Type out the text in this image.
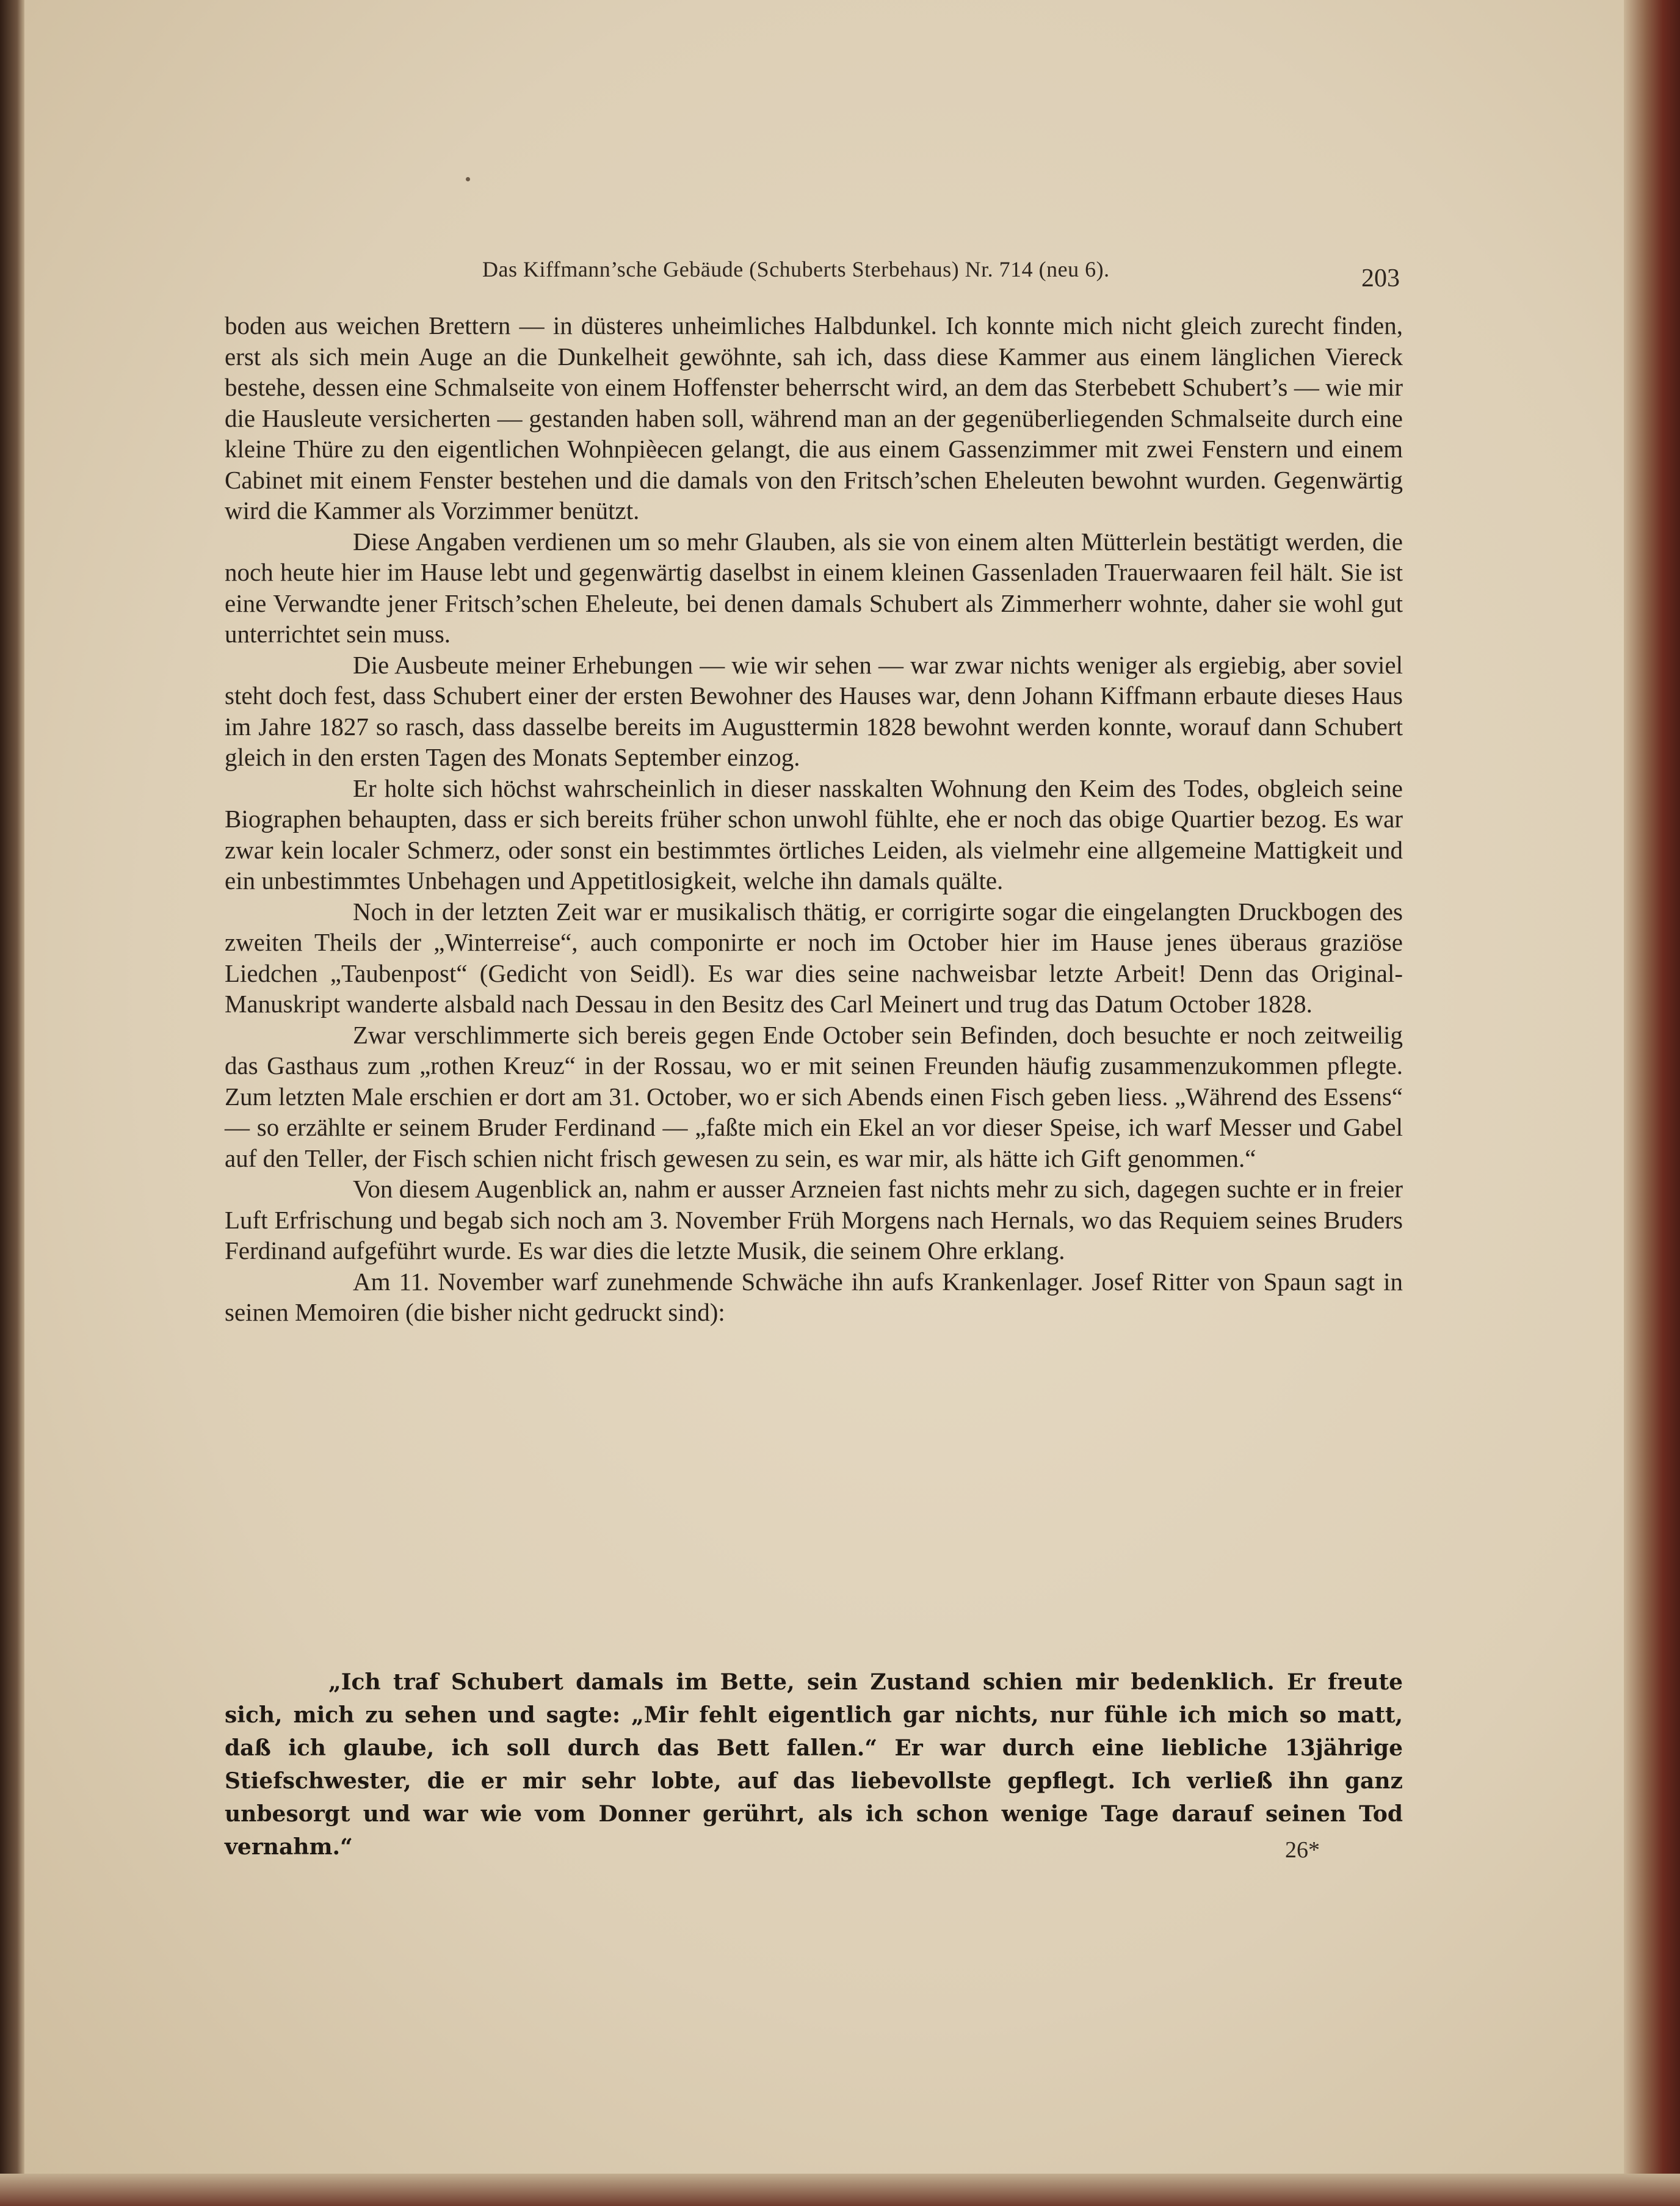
Das Kiffmann’sche Gebäude (Schuberts Sterbehaus) Nr. 714 (neu 6).	203

boden aus weichen Brettern — in düsteres unheimliches Halbdunkel. Ich konnte mich nicht gleich zurecht finden, erst als sich mein Auge an die Dunkelheit gewöhnte, sah ich, dass diese Kammer aus einem länglichen Viereck bestehe, dessen eine Schmalseite von einem Hoffenster beherrscht wird, an dem das Sterbebett Schubert’s — wie mir die Hausleute versicherten — gestanden haben soll, während man an der gegenüberliegenden Schmalseite durch eine kleine Thüre zu den eigentlichen Wohnpièecen gelangt, die aus einem Gassenzimmer mit zwei Fenstern und einem Cabinet mit einem Fenster bestehen und die damals von den Fritsch’schen Eheleuten bewohnt wurden. Gegenwärtig wird die Kammer als Vorzimmer benützt.

Diese Angaben verdienen um so mehr Glauben, als sie von einem alten Mütterlein bestätigt werden, die noch heute hier im Hause lebt und gegenwärtig daselbst in einem kleinen Gassenladen Trauerwaaren feil hält. Sie ist eine Verwandte jener Fritsch’schen Eheleute, bei denen damals Schubert als Zimmerherr wohnte, daher sie wohl gut unterrichtet sein muss.

Die Ausbeute meiner Erhebungen — wie wir sehen — war zwar nichts weniger als ergiebig, aber soviel steht doch fest, dass Schubert einer der ersten Bewohner des Hauses war, denn Johann Kiffmann erbaute dieses Haus im Jahre 1827 so rasch, dass dasselbe bereits im Augusttermin 1828 bewohnt werden konnte, worauf dann Schubert gleich in den ersten Tagen des Monats September einzog.

Er holte sich höchst wahrscheinlich in dieser nasskalten Wohnung den Keim des Todes, obgleich seine Biographen behaupten, dass er sich bereits früher schon unwohl fühlte, ehe er noch das obige Quartier bezog. Es war zwar kein localer Schmerz, oder sonst ein bestimmtes örtliches Leiden, als vielmehr eine allgemeine Mattigkeit und ein unbestimmtes Unbehagen und Appetitlosigkeit, welche ihn damals quälte.

Noch in der letzten Zeit war er musikalisch thätig, er corrigirte sogar die eingelangten Druckbogen des zweiten Theils der „Winterreise“, auch componirte er noch im October hier im Hause jenes überaus graziöse Liedchen „Taubenpost“ (Gedicht von Seidl). Es war dies seine nachweisbar letzte Arbeit! Denn das Original-Manuskript wanderte alsbald nach Dessau in den Besitz des Carl Meinert und trug das Datum October 1828.

Zwar verschlimmerte sich bereis gegen Ende October sein Befinden, doch besuchte er noch zeitweilig das Gasthaus zum „rothen Kreuz“ in der Rossau, wo er mit seinen Freunden häufig zusammenzukommen pflegte. Zum letzten Male erschien er dort am 31. October, wo er sich Abends einen Fisch geben liess. „Während des Essens“ — so erzählte er seinem Bruder Ferdinand — „faßte mich ein Ekel an vor dieser Speise, ich warf Messer und Gabel auf den Teller, der Fisch schien nicht frisch gewesen zu sein, es war mir, als hätte ich Gift genommen.“

Von diesem Augenblick an, nahm er ausser Arzneien fast nichts mehr zu sich, dagegen suchte er in freier Luft Erfrischung und begab sich noch am 3. November Früh Morgens nach Hernals, wo das Requiem seines Bruders Ferdinand aufgeführt wurde. Es war dies die letzte Musik, die seinem Ohre erklang.

Am 11. November warf zunehmende Schwäche ihn aufs Krankenlager. Josef Ritter von Spaun sagt in seinen Memoiren (die bisher nicht gedruckt sind):

„Ich traf Schubert damals im Bette, sein Zustand schien mir bedenklich. Er freute sich, mich zu sehen und sagte: „Mir fehlt eigentlich gar nichts, nur fühle ich mich so matt, daß ich glaube, ich soll durch das Bett fallen.“ Er war durch eine liebliche 13jährige Stiefschwester, die er mir sehr lobte, auf das liebevollste gepflegt. Ich verließ ihn ganz unbesorgt und war wie vom Donner gerührt, als ich schon wenige Tage darauf seinen Tod vernahm.“	26*
